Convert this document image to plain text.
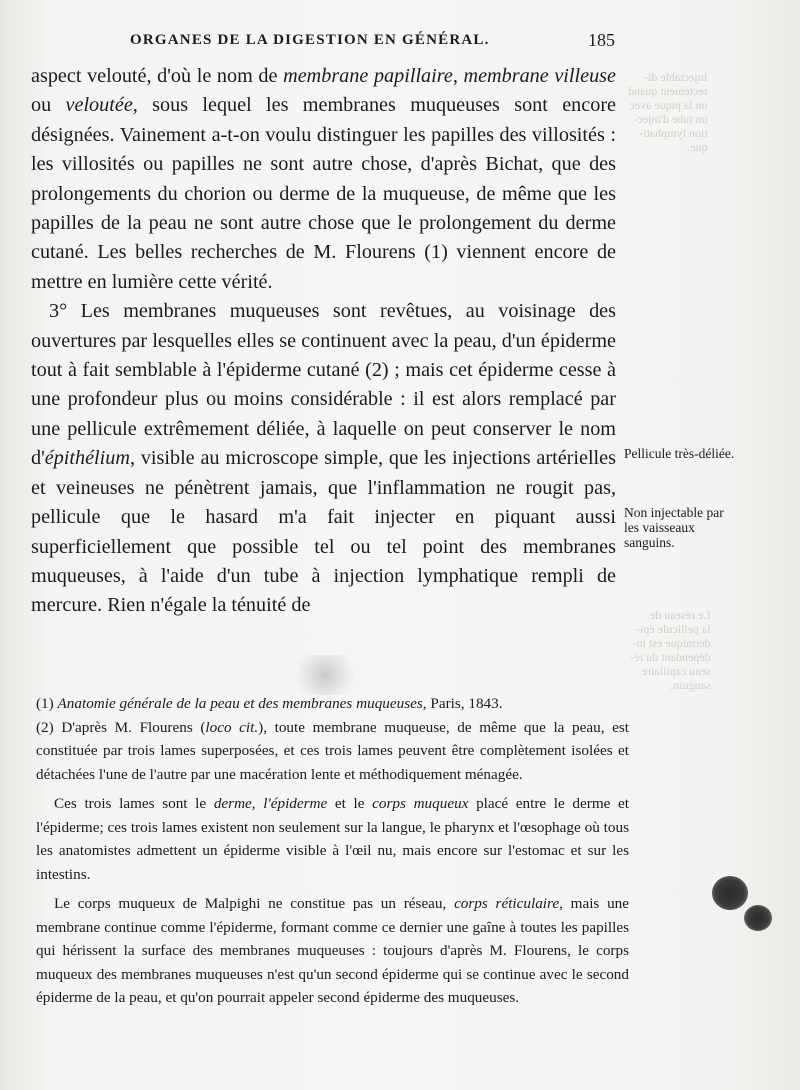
Injectable di-
rectement quand
on la pique avec
un tube d'injec-
tion lymphati-
que.
Le réseau de
la pellicule épi-
dermique est in-
dépendant du ré-
seau capillaire
sanguin.
ORGANES DE LA DIGESTION EN GÉNÉRAL.	185

aspect velouté, d'où le nom de membrane papillaire, membrane villeuse ou veloutée, sous lequel les membranes muqueuses sont encore désignées. Vainement a-t-on voulu distinguer les papilles des villosités : les villosités ou papilles ne sont autre chose, d'après Bichat, que des prolongements du chorion ou derme de la muqueuse, de même que les papilles de la peau ne sont autre chose que le prolongement du derme cutané. Les belles recherches de M. Flourens (1) viennent encore de mettre en lumière cette vérité.

3° Les membranes muqueuses sont revêtues, au voisinage des ouvertures par lesquelles elles se continuent avec la peau, d'un épiderme tout à fait semblable à l'épiderme cutané (2) ; mais cet épiderme cesse à une profondeur plus ou moins considérable : il est alors remplacé par une pellicule extrêmement déliée, à laquelle on peut conserver le nom d'épithélium, visible au microscope simple, que les injections artérielles et veineuses ne pénètrent jamais, que l'inflammation ne rougit pas, pellicule que le hasard m'a fait injecter en piquant aussi superficiellement que possible tel ou tel point des membranes muqueuses, à l'aide d'un tube à injection lymphatique rempli de mercure. Rien n'égale la ténuité de

Pellicule très-déliée.
Non injectable par les vaisseaux sanguins.

(1) Anatomie générale de la peau et des membranes muqueuses, Paris, 1843.

(2) D'après M. Flourens (loco cit.), toute membrane muqueuse, de même que la peau, est constituée par trois lames superposées, et ces trois lames peuvent être complètement isolées et détachées l'une de l'autre par une macération lente et méthodiquement ménagée.

Ces trois lames sont le derme, l'épiderme et le corps muqueux placé entre le derme et l'épiderme; ces trois lames existent non seulement sur la langue, le pharynx et l'œsophage où tous les anatomistes admettent un épiderme visible à l'œil nu, mais encore sur l'estomac et sur les intestins.

Le corps muqueux de Malpighi ne constitue pas un réseau, corps réticulaire, mais une membrane continue comme l'épiderme, formant comme ce dernier une gaîne à toutes les papilles qui hérissent la surface des membranes muqueuses : toujours d'après M. Flourens, le corps muqueux des membranes muqueuses n'est qu'un second épiderme qui se continue avec le second épiderme de la peau, et qu'on pourrait appeler second épiderme des muqueuses.
